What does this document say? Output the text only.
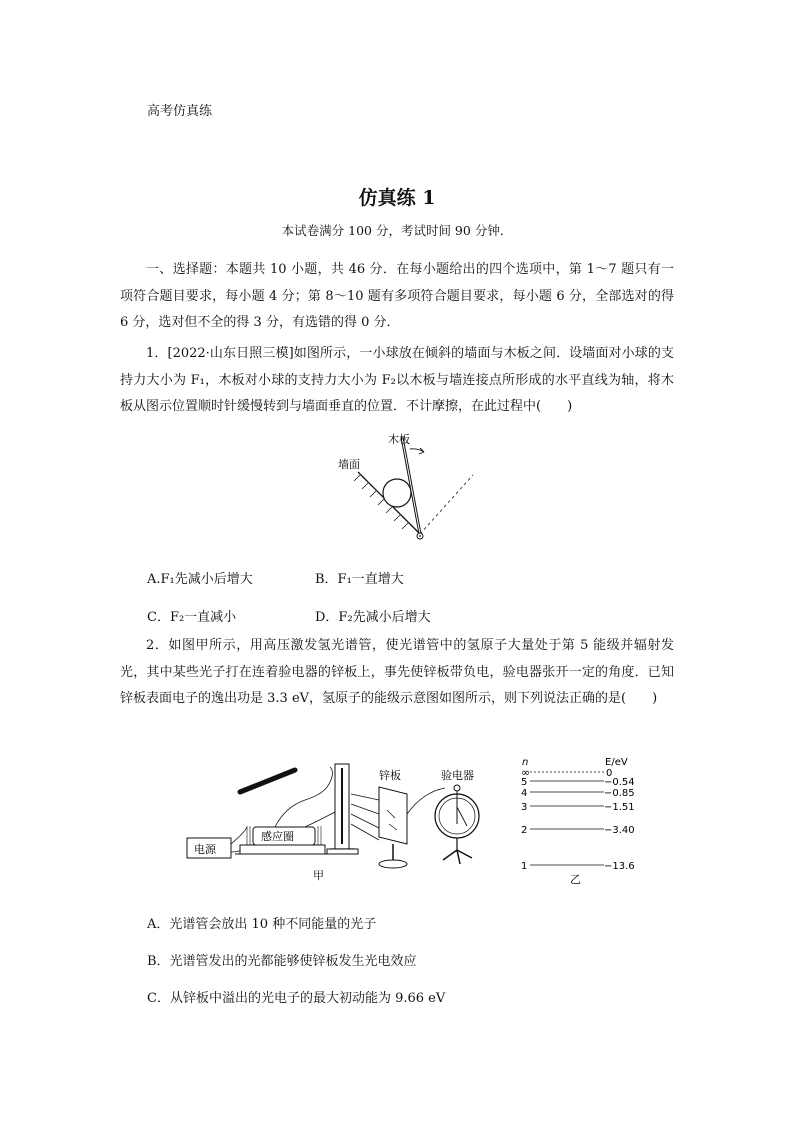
高考仿真练
仿真练 1
本试卷满分 100 分，考试时间 90 分钟．
一、选择题：本题共 10 小题，共 46 分．在每小题给出的四个选项中，第 1～7 题只有一项符合题目要求，每小题 4 分；第 8～10 题有多项符合题目要求，每小题 6 分，全部选对的得 6 分，选对但不全的得 3 分，有选错的得 0 分．
1．[2022·山东日照三模]如图所示，一小球放在倾斜的墙面与木板之间．设墙面对小球的支持力大小为 F₁，木板对小球的支持力大小为 F₂以木板与墙连接点所形成的水平直线为轴，将木板从图示位置顺时针缓慢转到与墙面垂直的位置．不计摩擦，在此过程中(　　)
木板
墙面
A.F₁先减小后增大	B．F₁一直增大
C．F₂一直减小	D．F₂先减小后增大
2．如图甲所示，用高压激发氢光谱管，使光谱管中的氢原子大量处于第 5 能级并辐射发光，其中某些光子打在连着验电器的锌板上，事先使锌板带负电，验电器张开一定的角度．已知锌板表面电子的逸出功是 3.3 eV，氢原子的能级示意图如图所示，则下列说法正确的是(　　)
电源
感应圈
锌板	验电器
甲
n	E/eV
∞	0
5	−0.54
4	−0.85
3	−1.51
2	−3.40
1	−13.6
乙
A．光谱管会放出 10 种不同能量的光子
B．光谱管发出的光都能够使锌板发生光电效应
C．从锌板中溢出的光电子的最大初动能为 9.66 eV
